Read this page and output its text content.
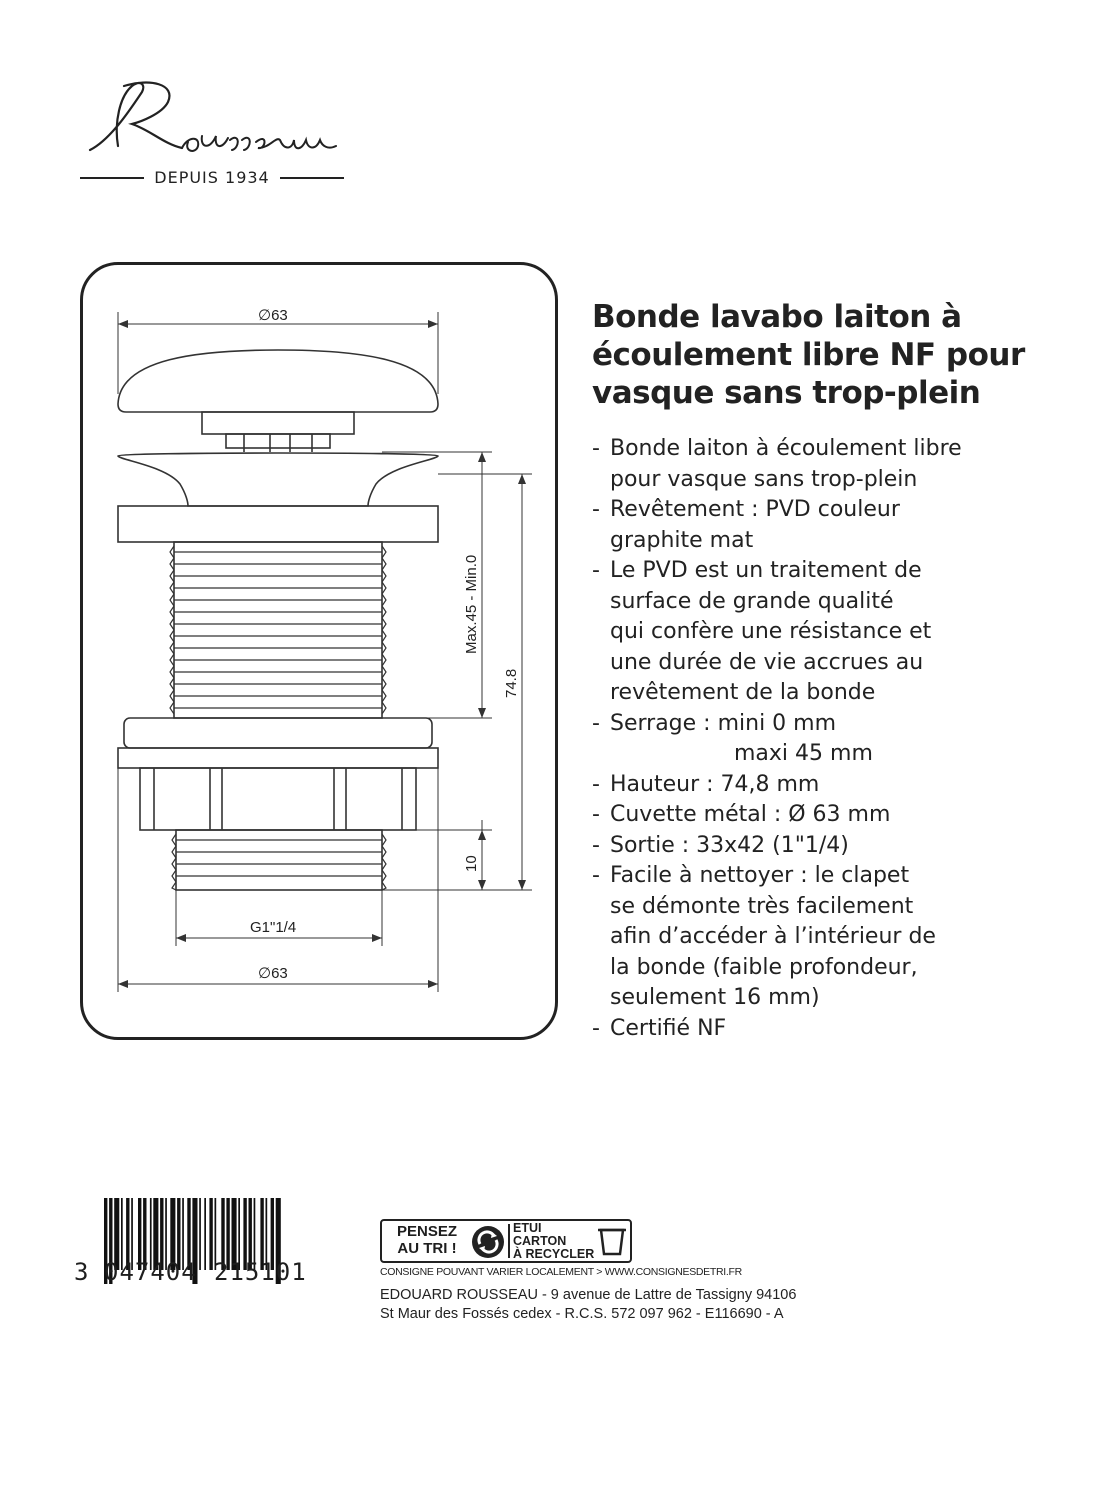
DEPUIS 1934
∅63
Max.45 - Min.0
74.8
10
G1"1/4
∅63
Bonde lavabo laiton à écoulement libre NF pour vasque sans trop-plein
- Bonde laiton à écoulement libre
pour vasque sans trop-plein
- Revêtement : PVD couleur
graphite mat
- Le PVD est un traitement de
surface de grande qualité
qui confère une résistance et
une durée de vie accrues au
revêtement de la bonde
- Serrage : mini 0 mm
maxi 45 mm
- Hauteur : 74,8 mm
- Cuvette métal : Ø 63 mm
- Sortie : 33x42 (1"1/4)
- Facile à nettoyer : le clapet
se démonte très facilement
afin d’accéder à l’intérieur de
la bonde (faible profondeur,
seulement 16 mm)
- Certifié NF
3 047404 215101
PENSEZ
AU TRI !
ETUI
CARTON
À RECYCLER
CONSIGNE POUVANT VARIER LOCALEMENT > WWW.CONSIGNESDETRI.FR
EDOUARD ROUSSEAU - 9 avenue de Lattre de Tassigny 94106
St Maur des Fossés cedex - R.C.S. 572 097 962 - E116690 - A
